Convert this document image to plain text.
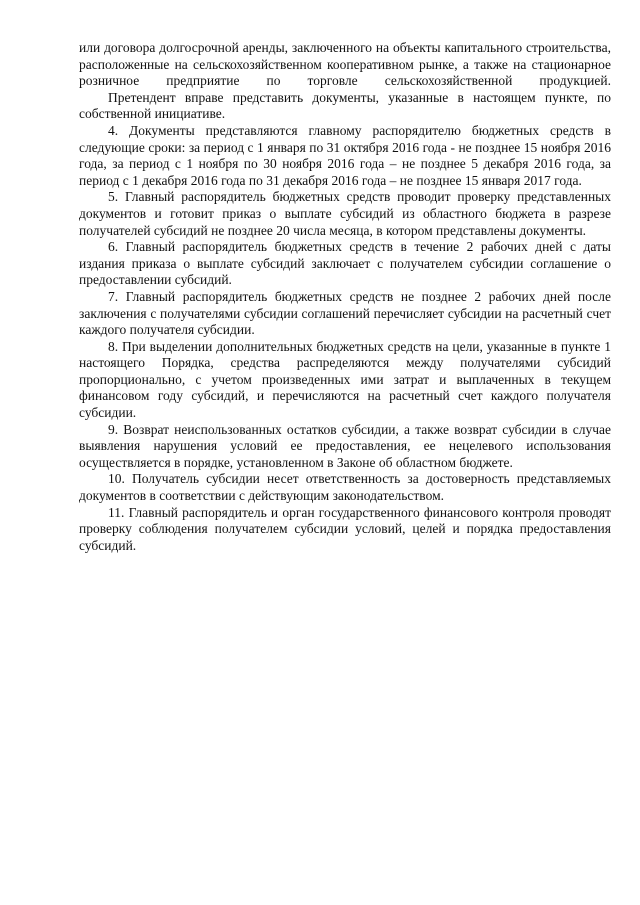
или договора долгосрочной аренды, заключенного на объекты капитального строительства, расположенные на сельскохозяйственном кооперативном рынке, а также на стационарное розничное предприятие по торговле сельскохозяйственной продукцией.

Претендент вправе представить документы, указанные в настоящем пункте, по собственной инициативе.

4. Документы представляются главному распорядителю бюджетных средств в следующие сроки: за период с 1 января по 31 октября 2016 года - не позднее 15 ноября 2016 года, за период с 1 ноября по 30 ноября 2016 года – не позднее 5 декабря 2016 года, за период с 1 декабря 2016 года по 31 декабря 2016 года – не позднее 15 января 2017 года.

5. Главный распорядитель бюджетных средств проводит проверку представленных документов и готовит приказ о выплате субсидий из областного бюджета в разрезе получателей субсидий не позднее 20 числа месяца, в котором представлены документы.

6. Главный распорядитель бюджетных средств в течение 2 рабочих дней с даты издания приказа о выплате субсидий заключает с получателем субсидии соглашение о предоставлении субсидий.

7. Главный распорядитель бюджетных средств не позднее 2 рабочих дней после заключения с получателями субсидии соглашений перечисляет субсидии на расчетный счет каждого получателя субсидии.

8. При выделении дополнительных бюджетных средств на цели, указанные в пункте 1 настоящего Порядка, средства распределяются между получателями субсидий пропорционально, с учетом произведенных ими затрат и выплаченных в текущем финансовом году субсидий, и перечисляются на расчетный счет каждого получателя субсидии.

9. Возврат неиспользованных остатков субсидии, а также возврат субсидии в случае выявления нарушения условий ее предоставления, ее нецелевого использования осуществляется в порядке, установленном в Законе об областном бюджете.

10. Получатель субсидии несет ответственность за достоверность представляемых документов в соответствии с действующим законодательством.

11. Главный распорядитель и орган государственного финансового контроля проводят проверку соблюдения получателем субсидии условий, целей и порядка предоставления субсидий.
